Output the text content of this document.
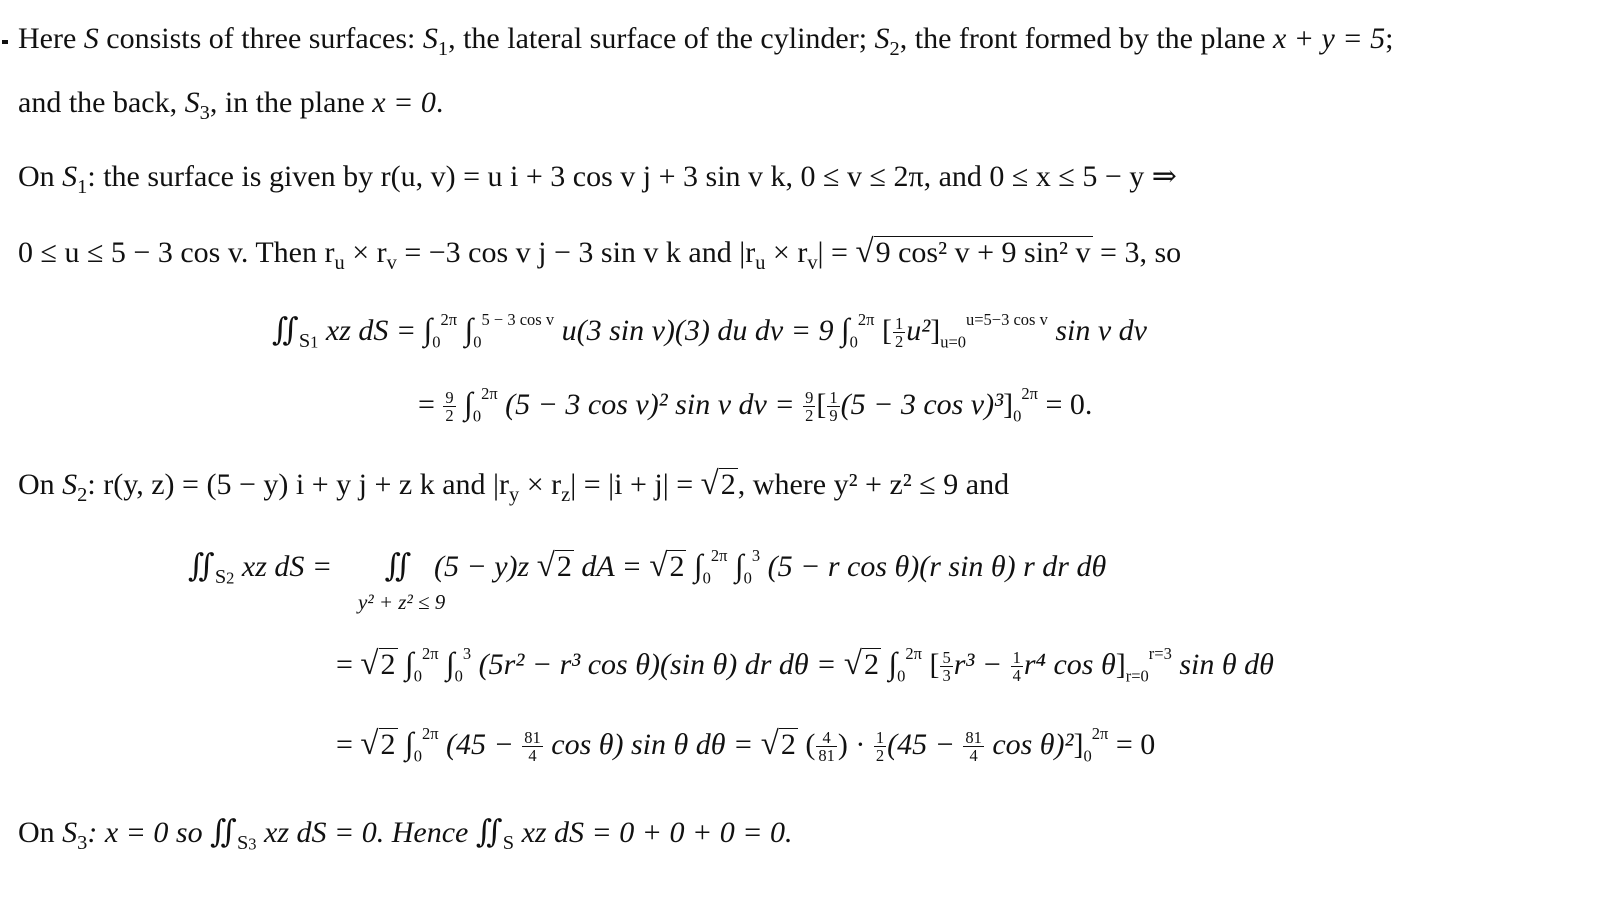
Here S consists of three surfaces: $S_1$, the lateral surface of the cylinder; $S_2$, the front formed by the plane x + y = 5;
and the back, $S_3$, in the plane x = 0.
On $S_1$: the surface is given by r(u, v) = u i + 3 cos v j + 3 sin v k, 0 ≤ v ≤ 2π, and 0 ≤ x ≤ 5 − y ⇒
0 ≤ u ≤ 5 − 3 cos v. Then $r_u \times r_v = -3$ cos v j − 3 sin v k and $|r_u \times r_v| = √9$ cos² v + 9 sin² v = 3, so
$∬_{S1}$ xz dS = $\int_0^{2\pi}$ $\int_0^{5 - 3 cos v}$ u(3 sin v)(3) du dv = 9 $\int_0^{2\pi}$ [ $\frac{1}{2} u^2]_{u=0}^{u=5-3 cos v}$ sin v dv
= $\frac{9}{2} \int_0^{2\pi}$ (5 − 3 cos v)² sin v dv = $\frac{9}{2}$ [ $\frac{1}{9} (5 - 3$ $\cos v)^3]_0^{2\pi} = 0$.
On $S_2$: r(y, z) = (5 − y) i + y j + z k and $|r_y \times r_z| = |i + j| = √2$, where y² + z² ≤ 9 and
$∬_{S2}$ xz dS =       ∬ (5 − y)z √2 dA = √2 $\int_0^{2\pi}$ $\int_0^3$ (5 − r cos θ)(r sin θ) r dr dθ
y² + z² ≤ 9
= √2 $\int_0^{2\pi}$ $\int_0^3$ (5r² − r³ cos θ)(sin θ) dr dθ = √2 $\int_0^{2\pi}$ [ $\frac{5}{3} r^3 - \frac{1}{4} r^4$ $\cos \theta]_{r=0}^{r=3}$ sin θ dθ
= √2 $\int_0^{2\pi}$ ($45 - \frac{81}{4}$ cos θ) sin θ dθ = √2 ( $\frac{4}{81}$ ) · $\frac{1}{2} (45 - \frac{81}{4}$ $\cos \theta)^2]_0^{2\pi} = 0$
On $S_3$: x = 0 so $∬_{S3}$ xz dS = 0. Hence $∬_S$ xz dS = 0 + 0 + 0 = 0.
